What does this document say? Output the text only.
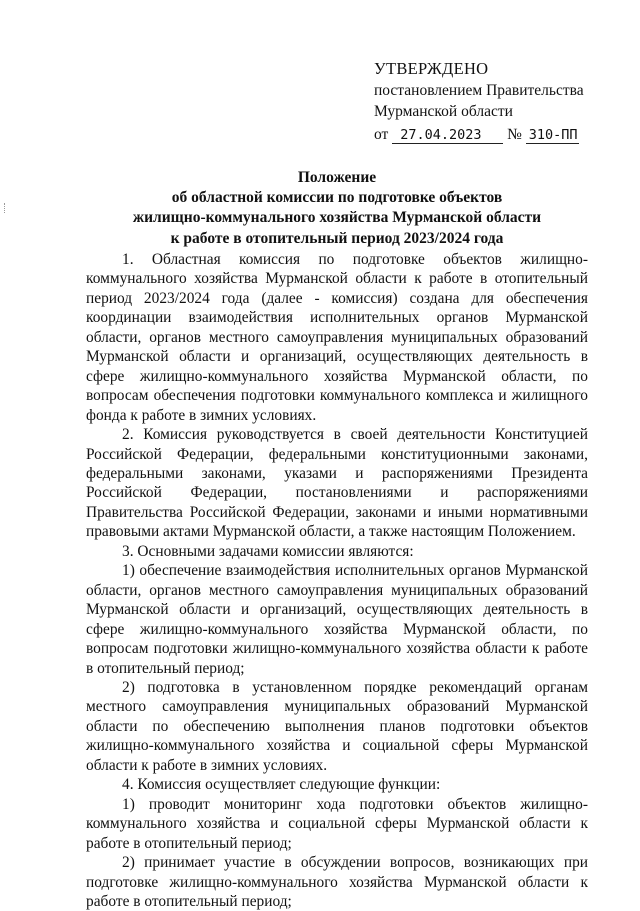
УТВЕРЖДЕНО
постановлением Правительства
Мурманской области
от 27.04.2023 № 310-ПП
Положение
об областной комиссии по подготовке объектов
жилищно-коммунального хозяйства Мурманской области
к работе в отопительный период 2023/2024 года

1. Областная комиссия по подготовке объектов жилищно-коммунального хозяйства Мурманской области к работе в отопительный период 2023/2024 года (далее - комиссия) создана для обеспечения координации взаимодействия исполнительных органов Мурманской области, органов местного самоуправления муниципальных образований Мурманской области и организаций, осуществляющих деятельность в сфере жилищно-коммунального хозяйства Мурманской области, по вопросам обеспечения подготовки коммунального комплекса и жилищного фонда к работе в зимних условиях.

2. Комиссия руководствуется в своей деятельности Конституцией Российской Федерации, федеральными конституционными законами, федеральными законами, указами и распоряжениями Президента Российской Федерации, постановлениями и распоряжениями Правительства Российской Федерации, законами и иными нормативными правовыми актами Мурманской области, а также настоящим Положением.

3. Основными задачами комиссии являются:

1) обеспечение взаимодействия исполнительных органов Мурманской области, органов местного самоуправления муниципальных образований Мурманской области и организаций, осуществляющих деятельность в сфере жилищно-коммунального хозяйства Мурманской области, по вопросам подготовки жилищно-коммунального хозяйства области к работе в отопительный период;

2) подготовка в установленном порядке рекомендаций органам местного самоуправления муниципальных образований Мурманской области по обеспечению выполнения планов подготовки объектов жилищно-коммунального хозяйства и социальной сферы Мурманской области к работе в зимних условиях.

4. Комиссия осуществляет следующие функции:

1) проводит мониторинг хода подготовки объектов жилищно-коммунального хозяйства и социальной сферы Мурманской области к работе в отопительный период;

2) принимает участие в обсуждении вопросов, возникающих при подготовке жилищно-коммунального хозяйства Мурманской области к работе в отопительный период;
